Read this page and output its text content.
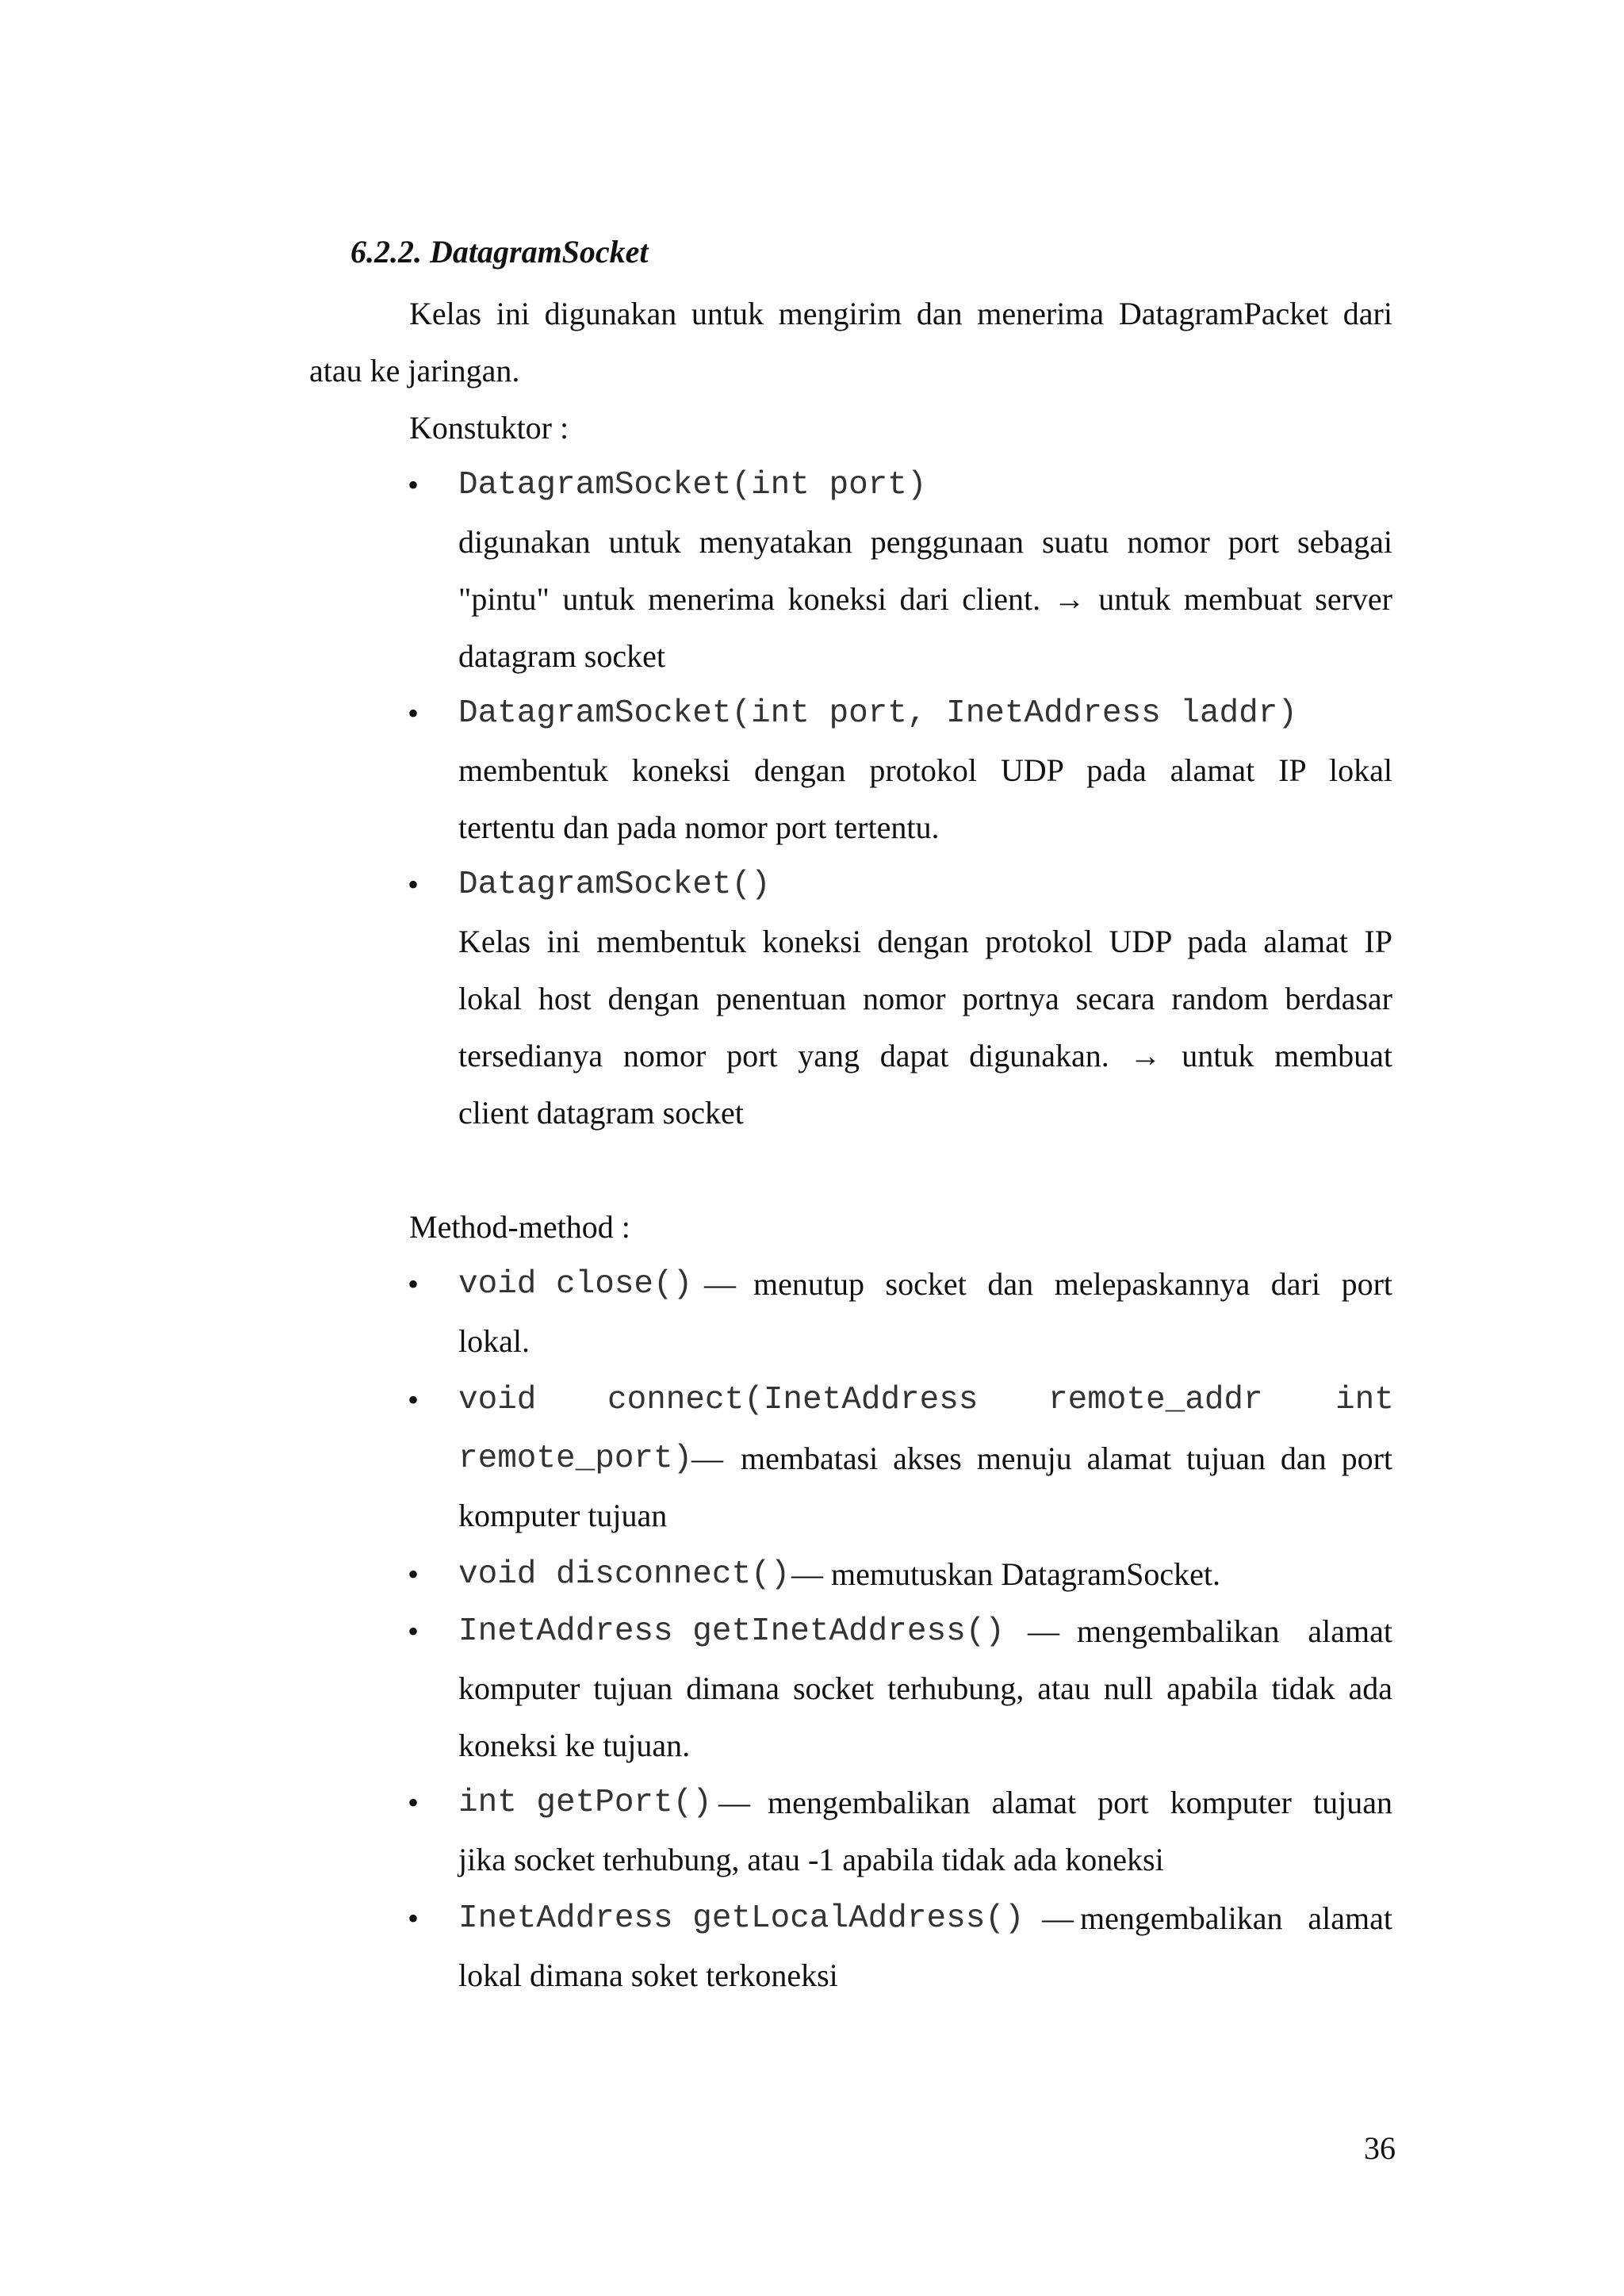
6.2.2. DatagramSocket
Kelas ini digunakan untuk mengirim dan menerima DatagramPacket dari
atau ke jaringan.
Konstuktor :
• DatagramSocket(int port)
digunakan untuk menyatakan penggunaan suatu nomor port sebagai
"pintu" untuk menerima koneksi dari client. → untuk membuat server
datagram socket
• DatagramSocket(int port, InetAddress laddr)
membentuk koneksi dengan protokol UDP pada alamat IP lokal
tertentu dan pada nomor port tertentu.
• DatagramSocket()
Kelas ini membentuk koneksi dengan protokol UDP pada alamat IP
lokal host dengan penentuan nomor portnya secara random berdasar
tersedianya nomor port yang dapat digunakan. → untuk membuat
client datagram socket
Method-method :
• void close() — menutup socket dan melepaskannya dari port
lokal.
• void connect(InetAddress remote_addr int
remote_port)
— membatasi akses menuju alamat tujuan dan port
komputer tujuan
• void disconnect() — memutuskan DatagramSocket.
• InetAddress getInetAddress() — mengembalikan alamat
komputer tujuan dimana socket terhubung, atau null apabila tidak ada
koneksi ke tujuan.
• int getPort() — mengembalikan alamat port komputer tujuan
jika socket terhubung, atau -1 apabila tidak ada koneksi
• InetAddress getLocalAddress() — mengembalikan alamat
lokal dimana soket terkoneksi
36
